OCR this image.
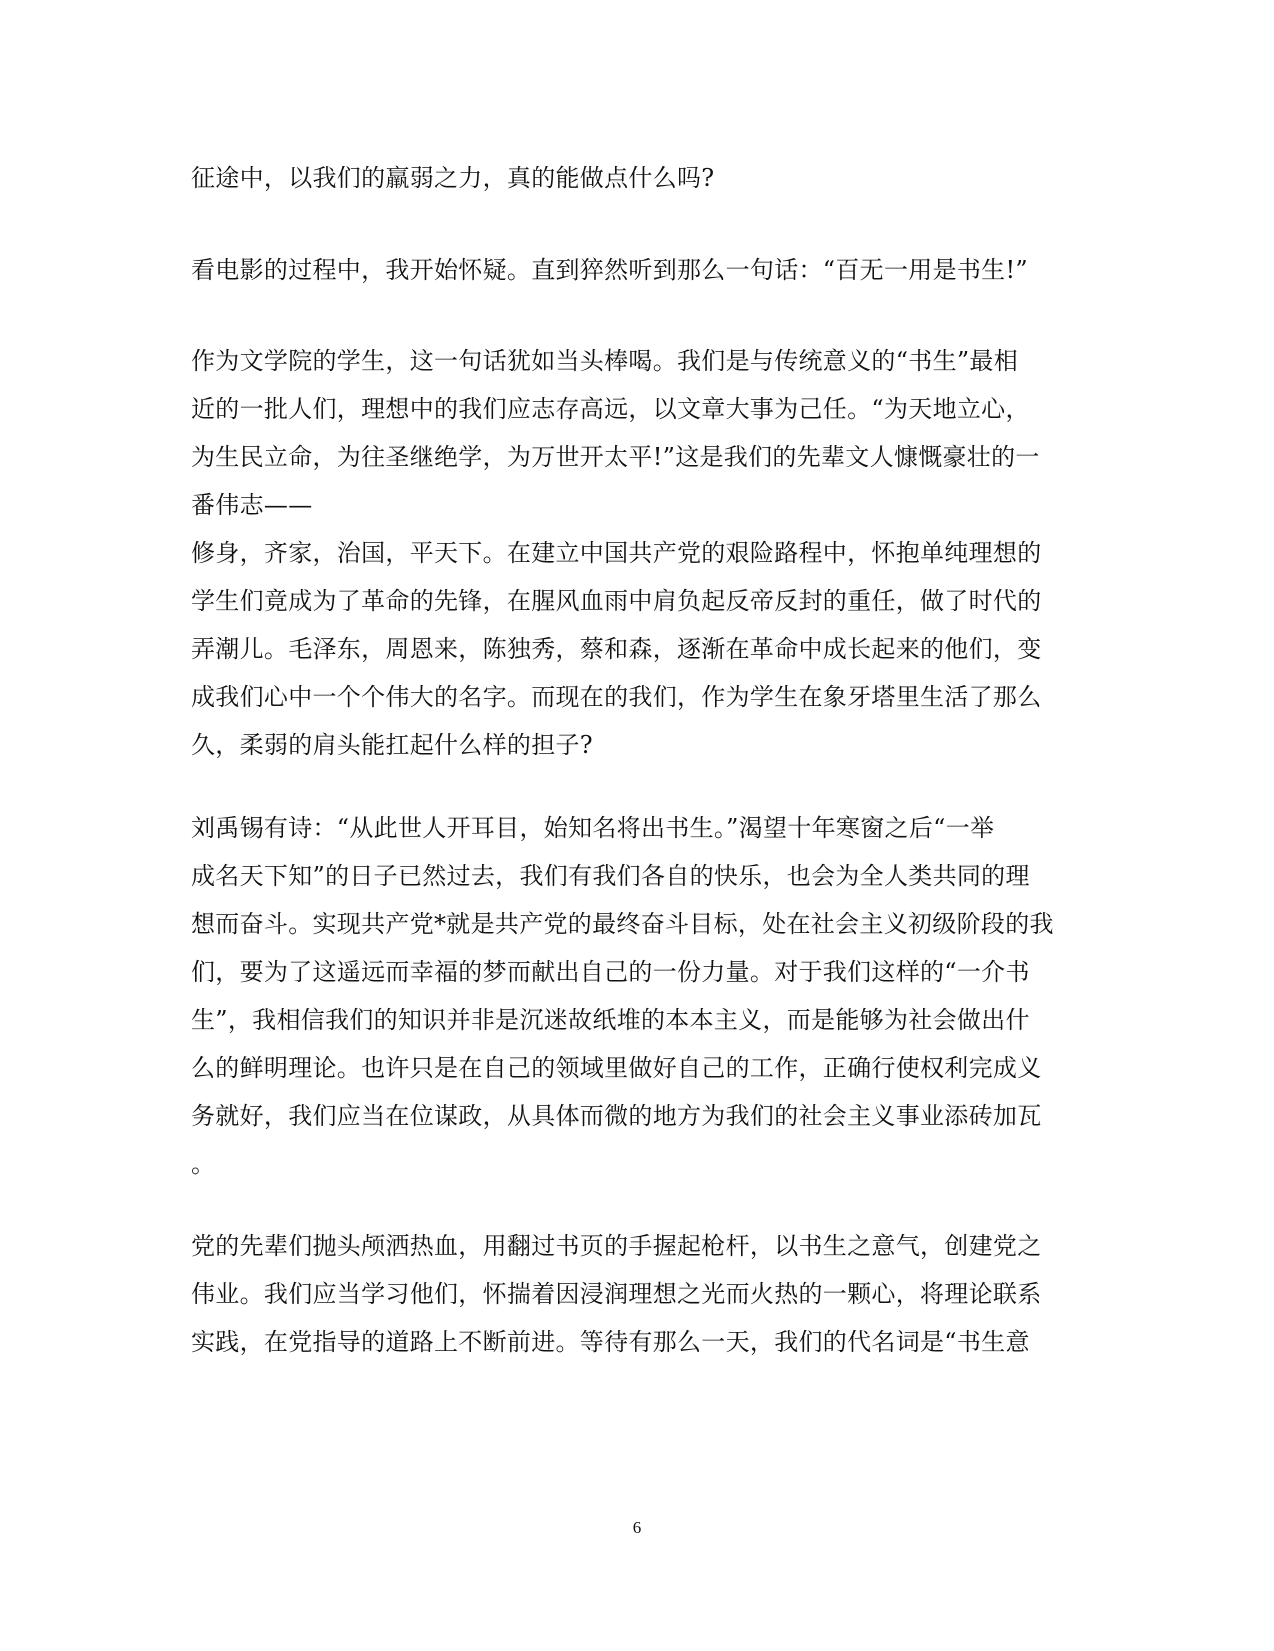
征途中，以我们的羸弱之力，真的能做点什么吗?
看电影的过程中，我开始怀疑。直到猝然听到那么一句话：“百无一用是书生!”
作为文学院的学生，这一句话犹如当头棒喝。我们是与传统意义的“书生”最相
近的一批人们，理想中的我们应志存高远，以文章大事为己任。“为天地立心，
为生民立命，为往圣继绝学，为万世开太平!”这是我们的先辈文人慷慨豪壮的一
番伟志——
修身，齐家，治国，平天下。在建立中国共产党的艰险路程中，怀抱单纯理想的
学生们竟成为了革命的先锋，在腥风血雨中肩负起反帝反封的重任，做了时代的
弄潮儿。毛泽东，周恩来，陈独秀，蔡和森，逐渐在革命中成长起来的他们，变
成我们心中一个个伟大的名字。而现在的我们，作为学生在象牙塔里生活了那么
久，柔弱的肩头能扛起什么样的担子?
刘禹锡有诗：“从此世人开耳目，始知名将出书生。”渴望十年寒窗之后“一举
成名天下知”的日子已然过去，我们有我们各自的快乐，也会为全人类共同的理
想而奋斗。实现共产党*就是共产党的最终奋斗目标，处在社会主义初级阶段的我
们，要为了这遥远而幸福的梦而献出自己的一份力量。对于我们这样的“一介书
生”，我相信我们的知识并非是沉迷故纸堆的本本主义，而是能够为社会做出什
么的鲜明理论。也许只是在自己的领域里做好自己的工作，正确行使权利完成义
务就好，我们应当在位谋政，从具体而微的地方为我们的社会主义事业添砖加瓦
。
党的先辈们抛头颅洒热血，用翻过书页的手握起枪杆，以书生之意气，创建党之
伟业。我们应当学习他们，怀揣着因浸润理想之光而火热的一颗心，将理论联系
实践，在党指导的道路上不断前进。等待有那么一天，我们的代名词是“书生意
6
